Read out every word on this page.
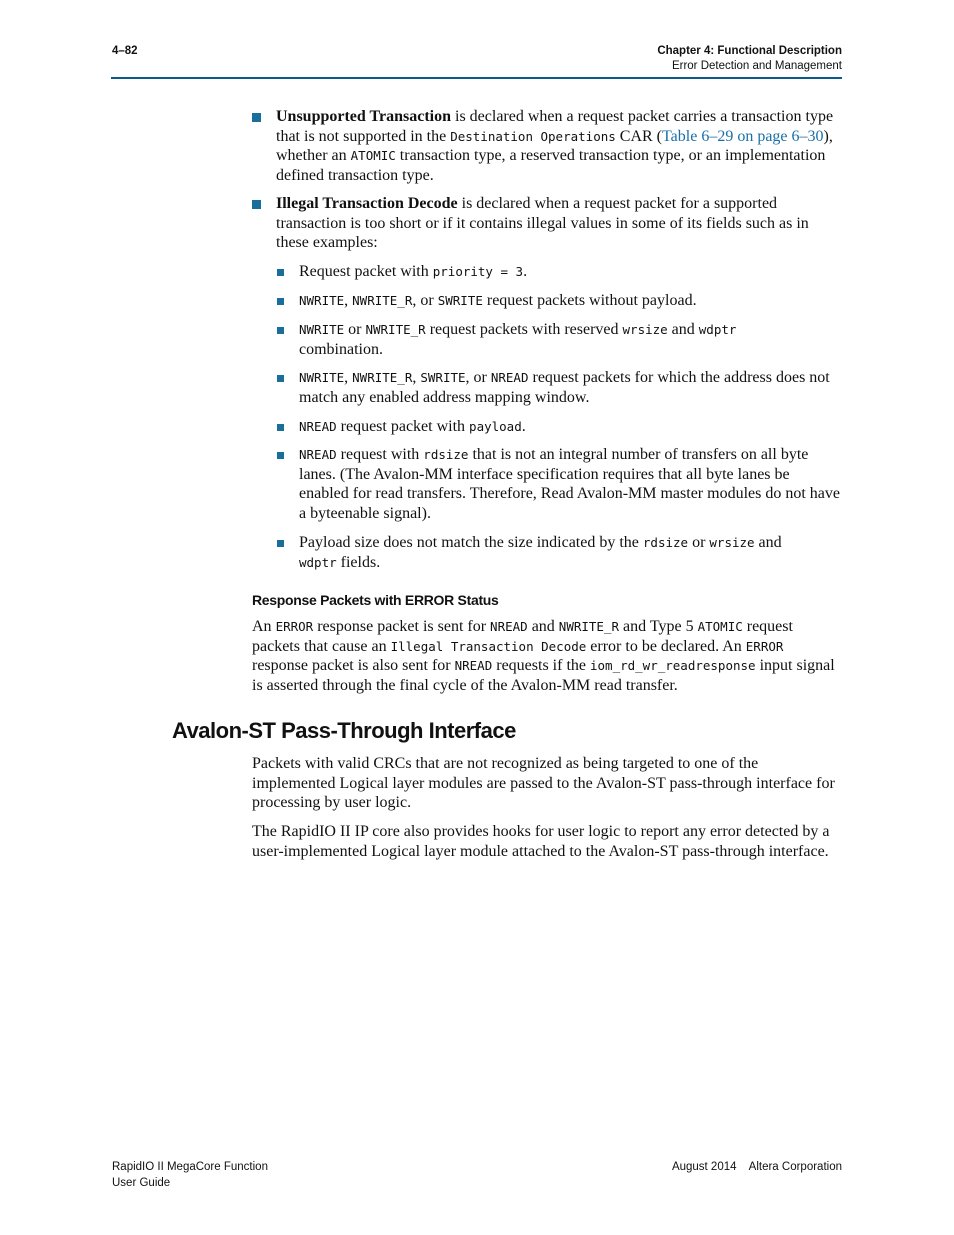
4–82	Chapter 4: Functional Description
Error Detection and Management

Unsupported Transaction is declared when a request packet carries a transaction type that is not supported in the Destination Operations CAR (Table 6–29 on page 6–30), whether an ATOMIC transaction type, a reserved transaction type, or an implementation defined transaction type.

Illegal Transaction Decode is declared when a request packet for a supported transaction is too short or if it contains illegal values in some of its fields such as in these examples:

Request packet with priority = 3.

NWRITE, NWRITE_R, or SWRITE request packets without payload.

NWRITE or NWRITE_R request packets with reserved wrsize and wdptr
combination.

NWRITE, NWRITE_R, SWRITE, or NREAD request packets for which the address does not match any enabled address mapping window.

NREAD request packet with payload.

NREAD request with rdsize that is not an integral number of transfers on all byte lanes. (The Avalon-MM interface specification requires that all byte lanes be enabled for read transfers. Therefore, Read Avalon-MM master modules do not have a byteenable signal).

Payload size does not match the size indicated by the rdsize or wrsize and
wdptr fields.

Response Packets with ERROR Status

An ERROR response packet is sent for NREAD and NWRITE_R and Type 5 ATOMIC request packets that cause an Illegal Transaction Decode error to be declared. An ERROR response packet is also sent for NREAD requests if the iom_rd_wr_readresponse input signal is asserted through the final cycle of the Avalon-MM read transfer.

Avalon-ST Pass-Through Interface

Packets with valid CRCs that are not recognized as being targeted to one of the implemented Logical layer modules are passed to the Avalon-ST pass-through interface for processing by user logic.

The RapidIO II IP core also provides hooks for user logic to report any error detected by a user-implemented Logical layer module attached to the Avalon-ST pass-through interface.

RapidIO II MegaCore Function
User Guide
August 2014    Altera Corporation
